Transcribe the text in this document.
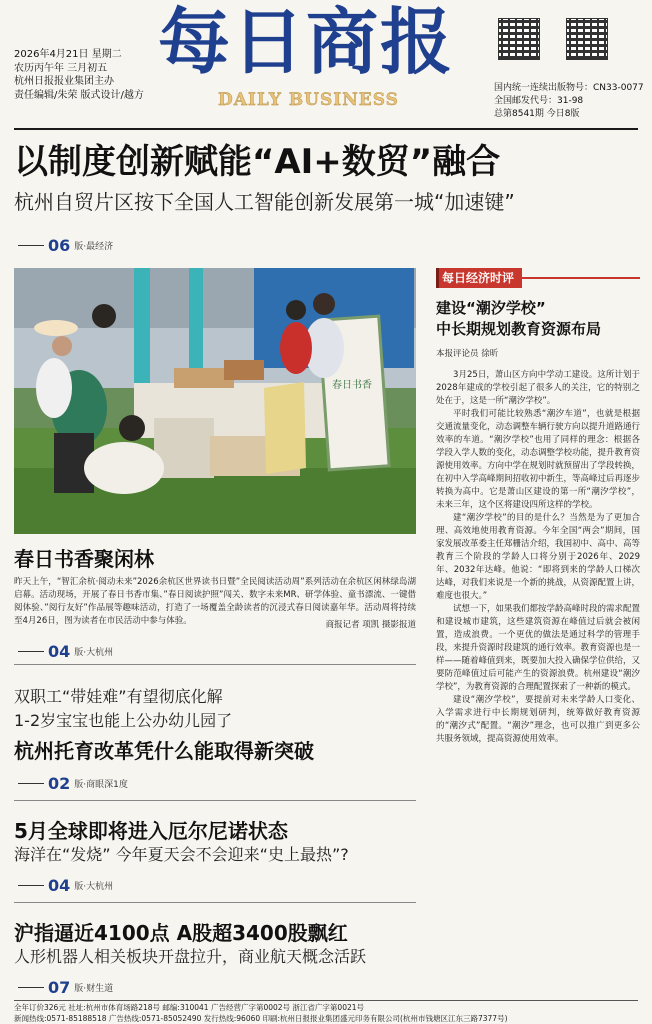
2026年4月21日 星期二
农历丙午年 三月初五
杭州日报报业集团主办
责任编辑/朱荣 版式设计/越方
每日商报
DAILY BUSINESS
国内统一连续出版物号：CN33-0077
全国邮发代号：31-98
总第8541期 今日8版
以制度创新赋能“AI+数贸”融合
杭州自贸片区按下全国人工智能创新发展第一城“加速键”
06 版·最经济
春日书香
春日书香聚闲林
昨天上午，“智汇余杭·阅动未来”2026余杭区世界读书日暨”全民阅读活动周”系列活动在余杭区闲林绿岛湖启幕。活动现场，开展了春日书香市集、”春日阅读护照”闯关、数字未来MR、研学体验、童书漂流、一键借阅体验、”阅行友好”作品展等趣味活动，打造了一场覆盖全龄读者的沉浸式春日阅读嘉年华。活动周将持续至4月26日，图为读者在市民活动中参与体验。	商报记者 项凯 摄影报道
04 版·大杭州
双职工“带娃难”有望彻底化解
1-2岁宝宝也能上公办幼儿园了
杭州托育改革凭什么能取得新突破
02 版·商眼深1度
5月全球即将进入厄尔尼诺状态
海洋在“发烧” 今年夏天会不会迎来“史上最热”?
04 版·大杭州
沪指逼近4100点 A股超3400股飘红
人形机器人相关板块开盘拉升，商业航天概念活跃
07 版·财生道
每日经济时评
建设“潮汐学校”
中长期规划教育资源布局
本报评论员 徐昕

3月25日，萧山区方向中学动工建设。这所计划于2028年建成的学校引起了很多人的关注，它的特别之处在于，这是一所“潮汐学校”。

平时我们可能比较熟悉“潮汐车道”，也就是根据交通流量变化，动态调整车辆行驶方向以提升道路通行效率的车道。“潮汐学校”也用了同样的理念：根据各学段入学人数的变化，动态调整学校功能，提升教育资源使用效率。方向中学在规划时就预留出了学段转换，在初中入学高峰期间招收初中新生，等高峰过后再逐步转换为高中。它是萧山区建设的第一所“潮汐学校”，未来三年，这个区将建设四所这样的学校。

建“潮汐学校”的目的是什么？当然是为了更加合理、高效地使用教育资源。今年全国“两会”期间，国家发展改革委主任郑栅洁介绍，我国初中、高中、高等教育三个阶段的学龄人口将分别于2026年、2029年、2032年达峰。他说：“即将到来的学龄人口梯次达峰，对我们来说是一个新的挑战，从资源配置上讲，难度也很大。”

试想一下，如果我们都按学龄高峰时段的需求配置和建设城市建筑，这些建筑资源在峰值过后就会被闲置，造成浪费。一个更优的做法是通过科学的管理手段，来提升资源时段建筑的通行效率。教育资源也是一样——随着峰值到来，既要加大投入确保学位供给，又要防范峰值过后可能产生的资源浪费。杭州建设“潮汐学校”，为教育资源的合理配置探索了一种新的模式。

建设“潮汐学校”，要提前对未来学龄人口变化、入学需求进行中长期规划研判，统筹做好教育资源的“潮汐式”配置。“潮汐”理念，也可以推广到更多公共服务领域，提高资源使用效率。

全年订价326元 社址:杭州市体育场路218号 邮编:310041 广告经营广字第0002号 浙江省广字第0021号
新闻热线:0571-85188518 广告热线:0571-85052490 发行热线:96060 印刷:杭州日报报业集团盛元印务有限公司(杭州市钱塘区江东三路7377号)
